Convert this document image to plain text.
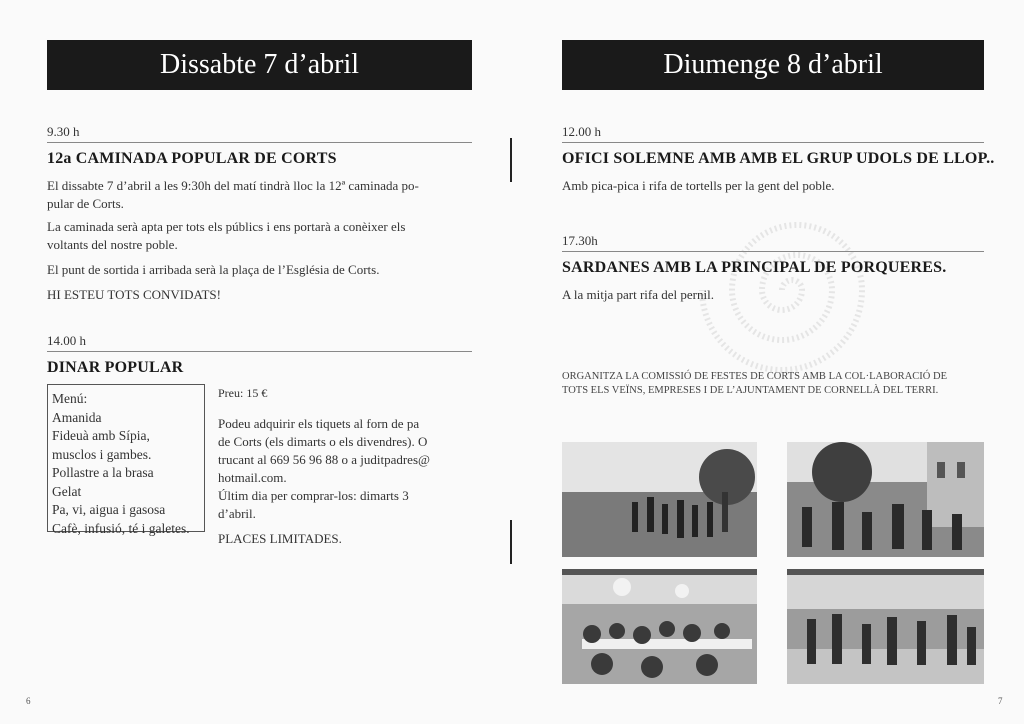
Dissabte 7 d’abril
9.30 h
12a CAMINADA POPULAR DE CORTS
El dissabte 7 d’abril a les 9:30h del matí tindrà lloc la 12ª caminada po-
pular de Corts.
La caminada serà apta per tots els públics i ens portarà a conèixer els
voltants del nostre poble.
El punt de sortida i arribada serà la plaça de l’Església de Corts.
HI ESTEU TOTS CONVIDATS!
14.00 h
DINAR POPULAR
Menú:
Amanida
Fideuà amb Sípia,
musclos i gambes.
Pollastre a la brasa
Gelat
Pa, vi, aigua i gasosa
Cafè, infusió, té i galetes.
Preu: 15 €
Podeu adquirir els tiquets al forn de pa
de Corts (els dimarts o els divendres). O
trucant al 669 56 96 88 o a juditpadres@
hotmail.com.
Últim dia per comprar-los: dimarts 3
d’abril.
PLACES LIMITADES.
6
Diumenge 8 d’abril
12.00 h
OFICI SOLEMNE AMB AMB EL GRUP UDOLS DE LLOP..
Amb pica-pica i rifa de tortells per la gent del poble.
17.30h
SARDANES AMB LA PRINCIPAL DE PORQUERES.
A la mitja part rifa del pernil.
ORGANITZA LA COMISSIÓ DE FESTES DE CORTS AMB LA COL·LABORACIÓ DE
TOTS ELS VEÏNS, EMPRESES I DE L’AJUNTAMENT DE CORNELLÀ DEL TERRI.
7
